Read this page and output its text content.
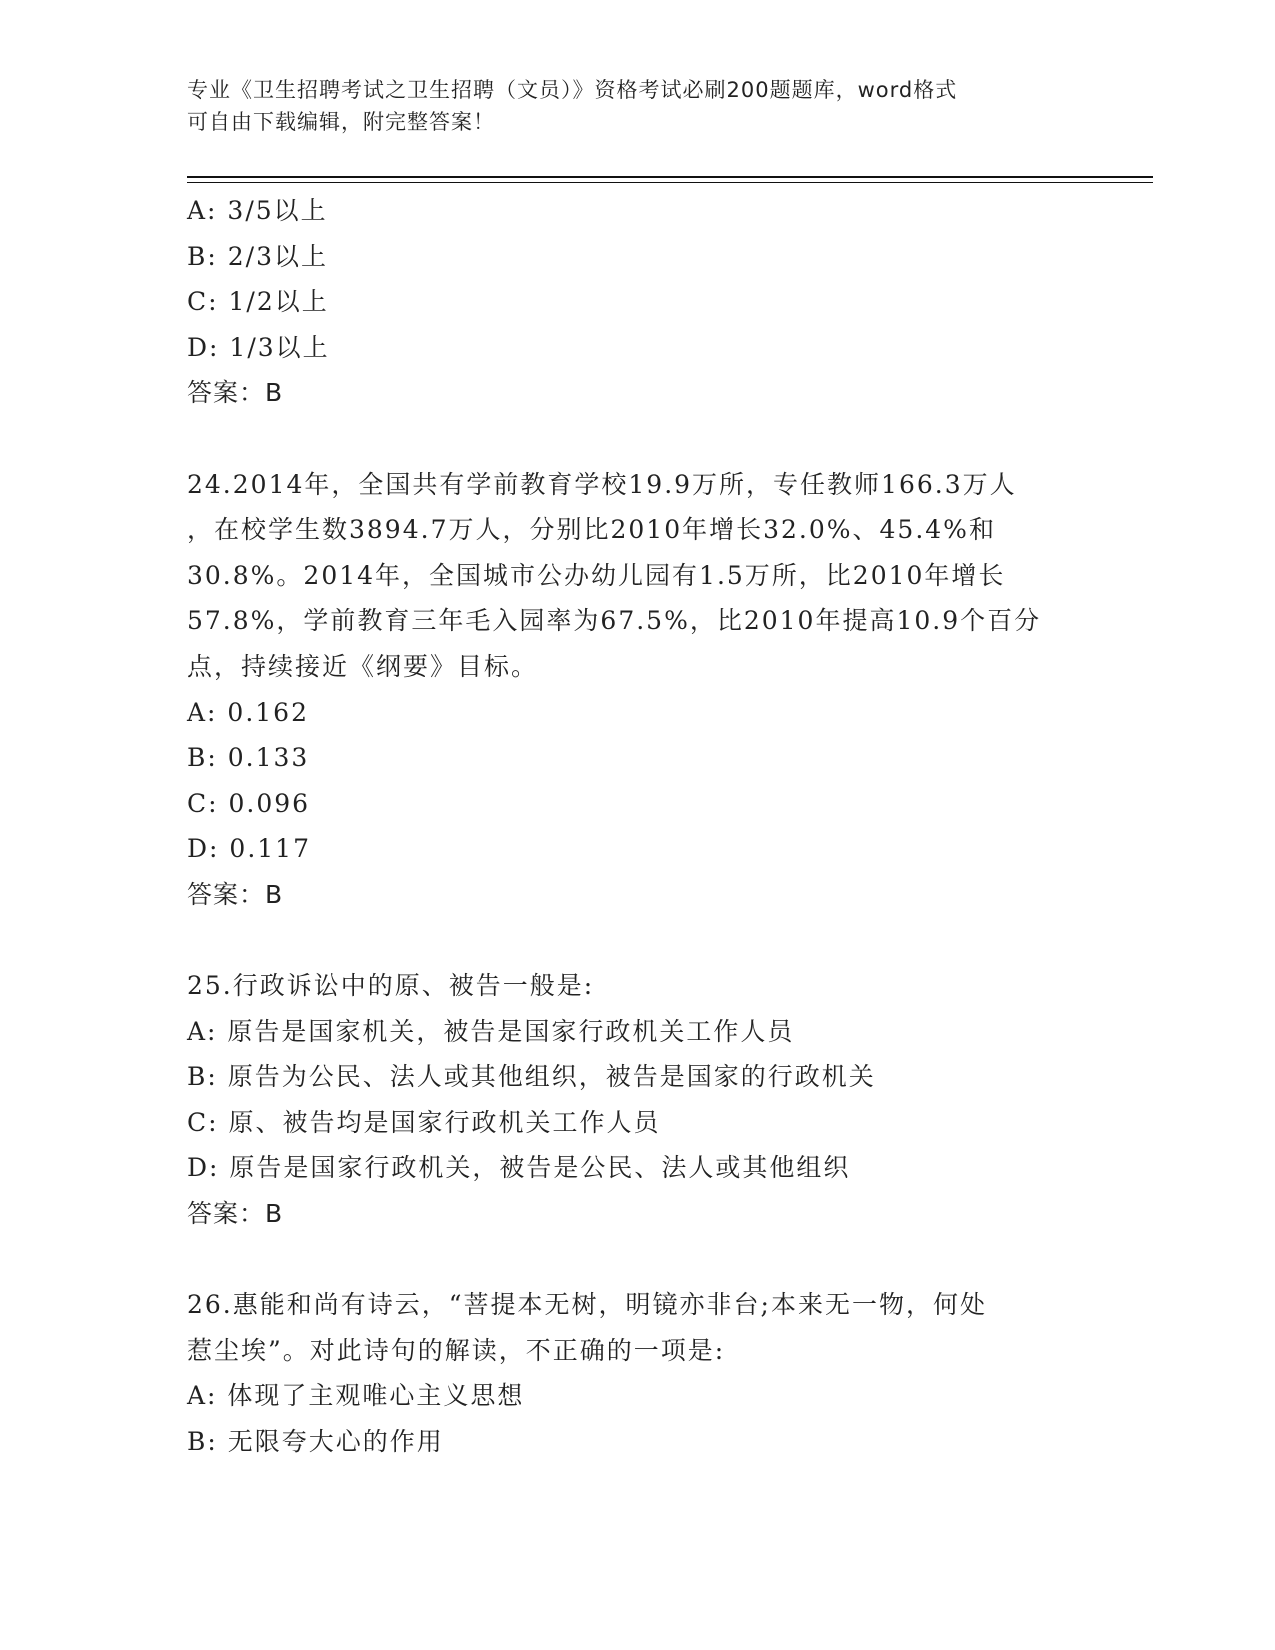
专业《卫生招聘考试之卫生招聘（文员）》资格考试必刷200题题库，word格式
可自由下载编辑，附完整答案！
A: 3/5以上
B: 2/3以上
C: 1/2以上
D: 1/3以上
答案：B
24.2014年，全国共有学前教育学校19.9万所，专任教师166.3万人
，在校学生数3894.7万人，分别比2010年增长32.0%、45.4%和
30.8%。2014年，全国城市公办幼儿园有1.5万所，比2010年增长
57.8%，学前教育三年毛入园率为67.5%，比2010年提高10.9个百分
点，持续接近《纲要》目标。
A: 0.162
B: 0.133
C: 0.096
D: 0.117
答案：B
25.行政诉讼中的原、被告一般是:
A: 原告是国家机关，被告是国家行政机关工作人员
B: 原告为公民、法人或其他组织，被告是国家的行政机关
C: 原、被告均是国家行政机关工作人员
D: 原告是国家行政机关，被告是公民、法人或其他组织
答案：B
26.惠能和尚有诗云，“菩提本无树，明镜亦非台;本来无一物，何处
惹尘埃”。对此诗句的解读，不正确的一项是:
A: 体现了主观唯心主义思想
B: 无限夸大心的作用
